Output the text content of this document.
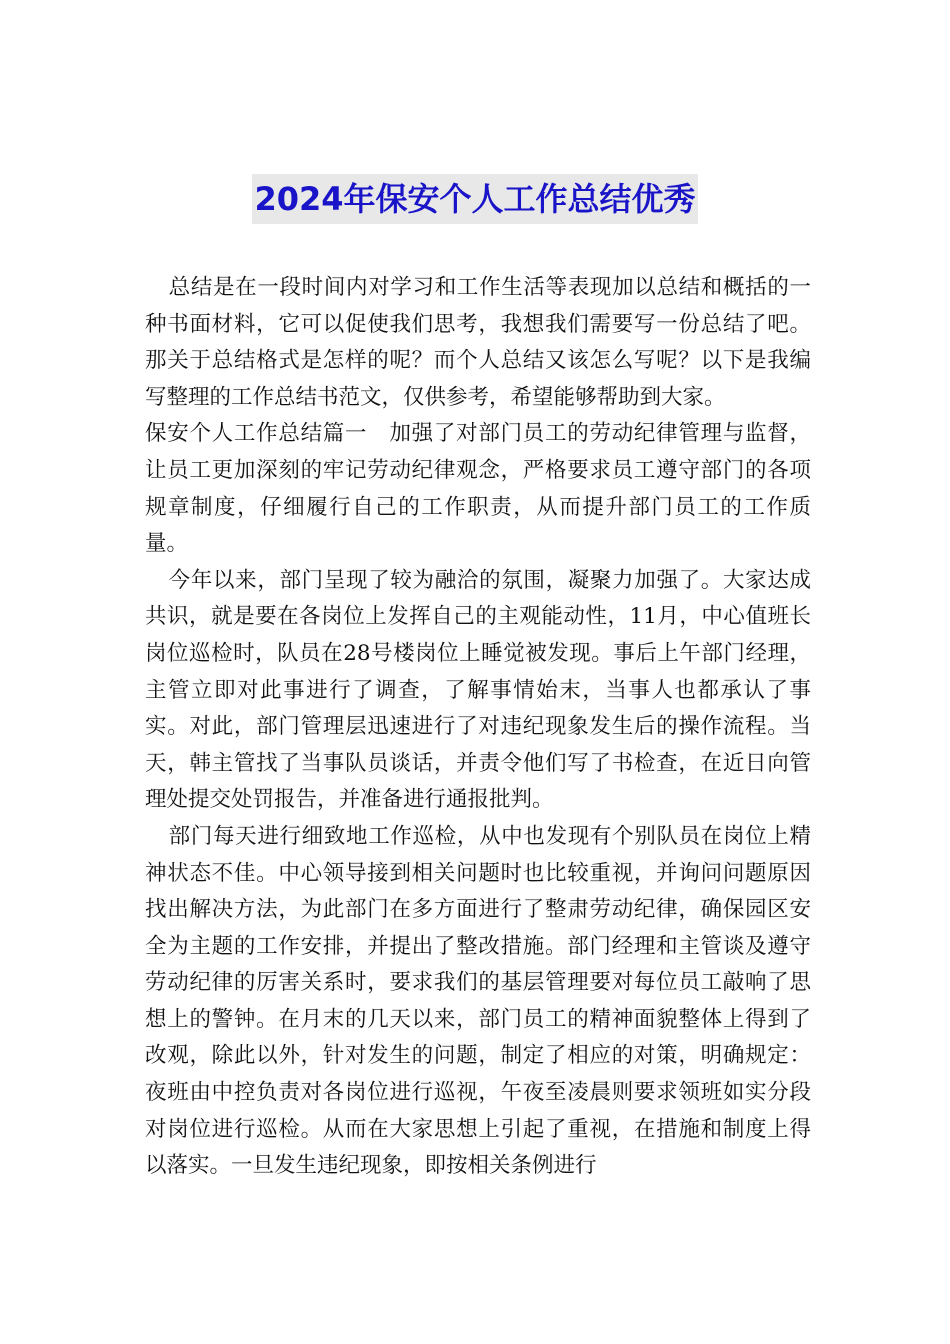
2024年保安个人工作总结优秀

总结是在一段时间内对学习和工作生活等表现加以总结和概括的一种书面材料，它可以促使我们思考，我想我们需要写一份总结了吧。那关于总结格式是怎样的呢？而个人总结又该怎么写呢？以下是我编写整理的工作总结书范文，仅供参考，希望能够帮助到大家。

保安个人工作总结篇一　加强了对部门员工的劳动纪律管理与监督，让员工更加深刻的牢记劳动纪律观念，严格要求员工遵守部门的各项规章制度，仔细履行自己的工作职责，从而提升部门员工的工作质量。

今年以来，部门呈现了较为融洽的氛围，凝聚力加强了。大家达成共识，就是要在各岗位上发挥自己的主观能动性，11月，中心值班长岗位巡检时，队员在28号楼岗位上睡觉被发现。事后上午部门经理，主管立即对此事进行了调查，了解事情始末，当事人也都承认了事实。对此，部门管理层迅速进行了对违纪现象发生后的操作流程。当天，韩主管找了当事队员谈话，并责令他们写了书检查，在近日向管理处提交处罚报告，并准备进行通报批判。

部门每天进行细致地工作巡检，从中也发现有个别队员在岗位上精神状态不佳。中心领导接到相关问题时也比较重视，并询问问题原因找出解决方法，为此部门在多方面进行了整肃劳动纪律，确保园区安全为主题的工作安排，并提出了整改措施。部门经理和主管谈及遵守劳动纪律的厉害关系时，要求我们的基层管理要对每位员工敲响了思想上的警钟。在月末的几天以来，部门员工的精神面貌整体上得到了改观，除此以外，针对发生的问题，制定了相应的对策，明确规定：夜班由中控负责对各岗位进行巡视，午夜至凌晨则要求领班如实分段对岗位进行巡检。从而在大家思想上引起了重视，在措施和制度上得以落实。一旦发生违纪现象，即按相关条例进行
